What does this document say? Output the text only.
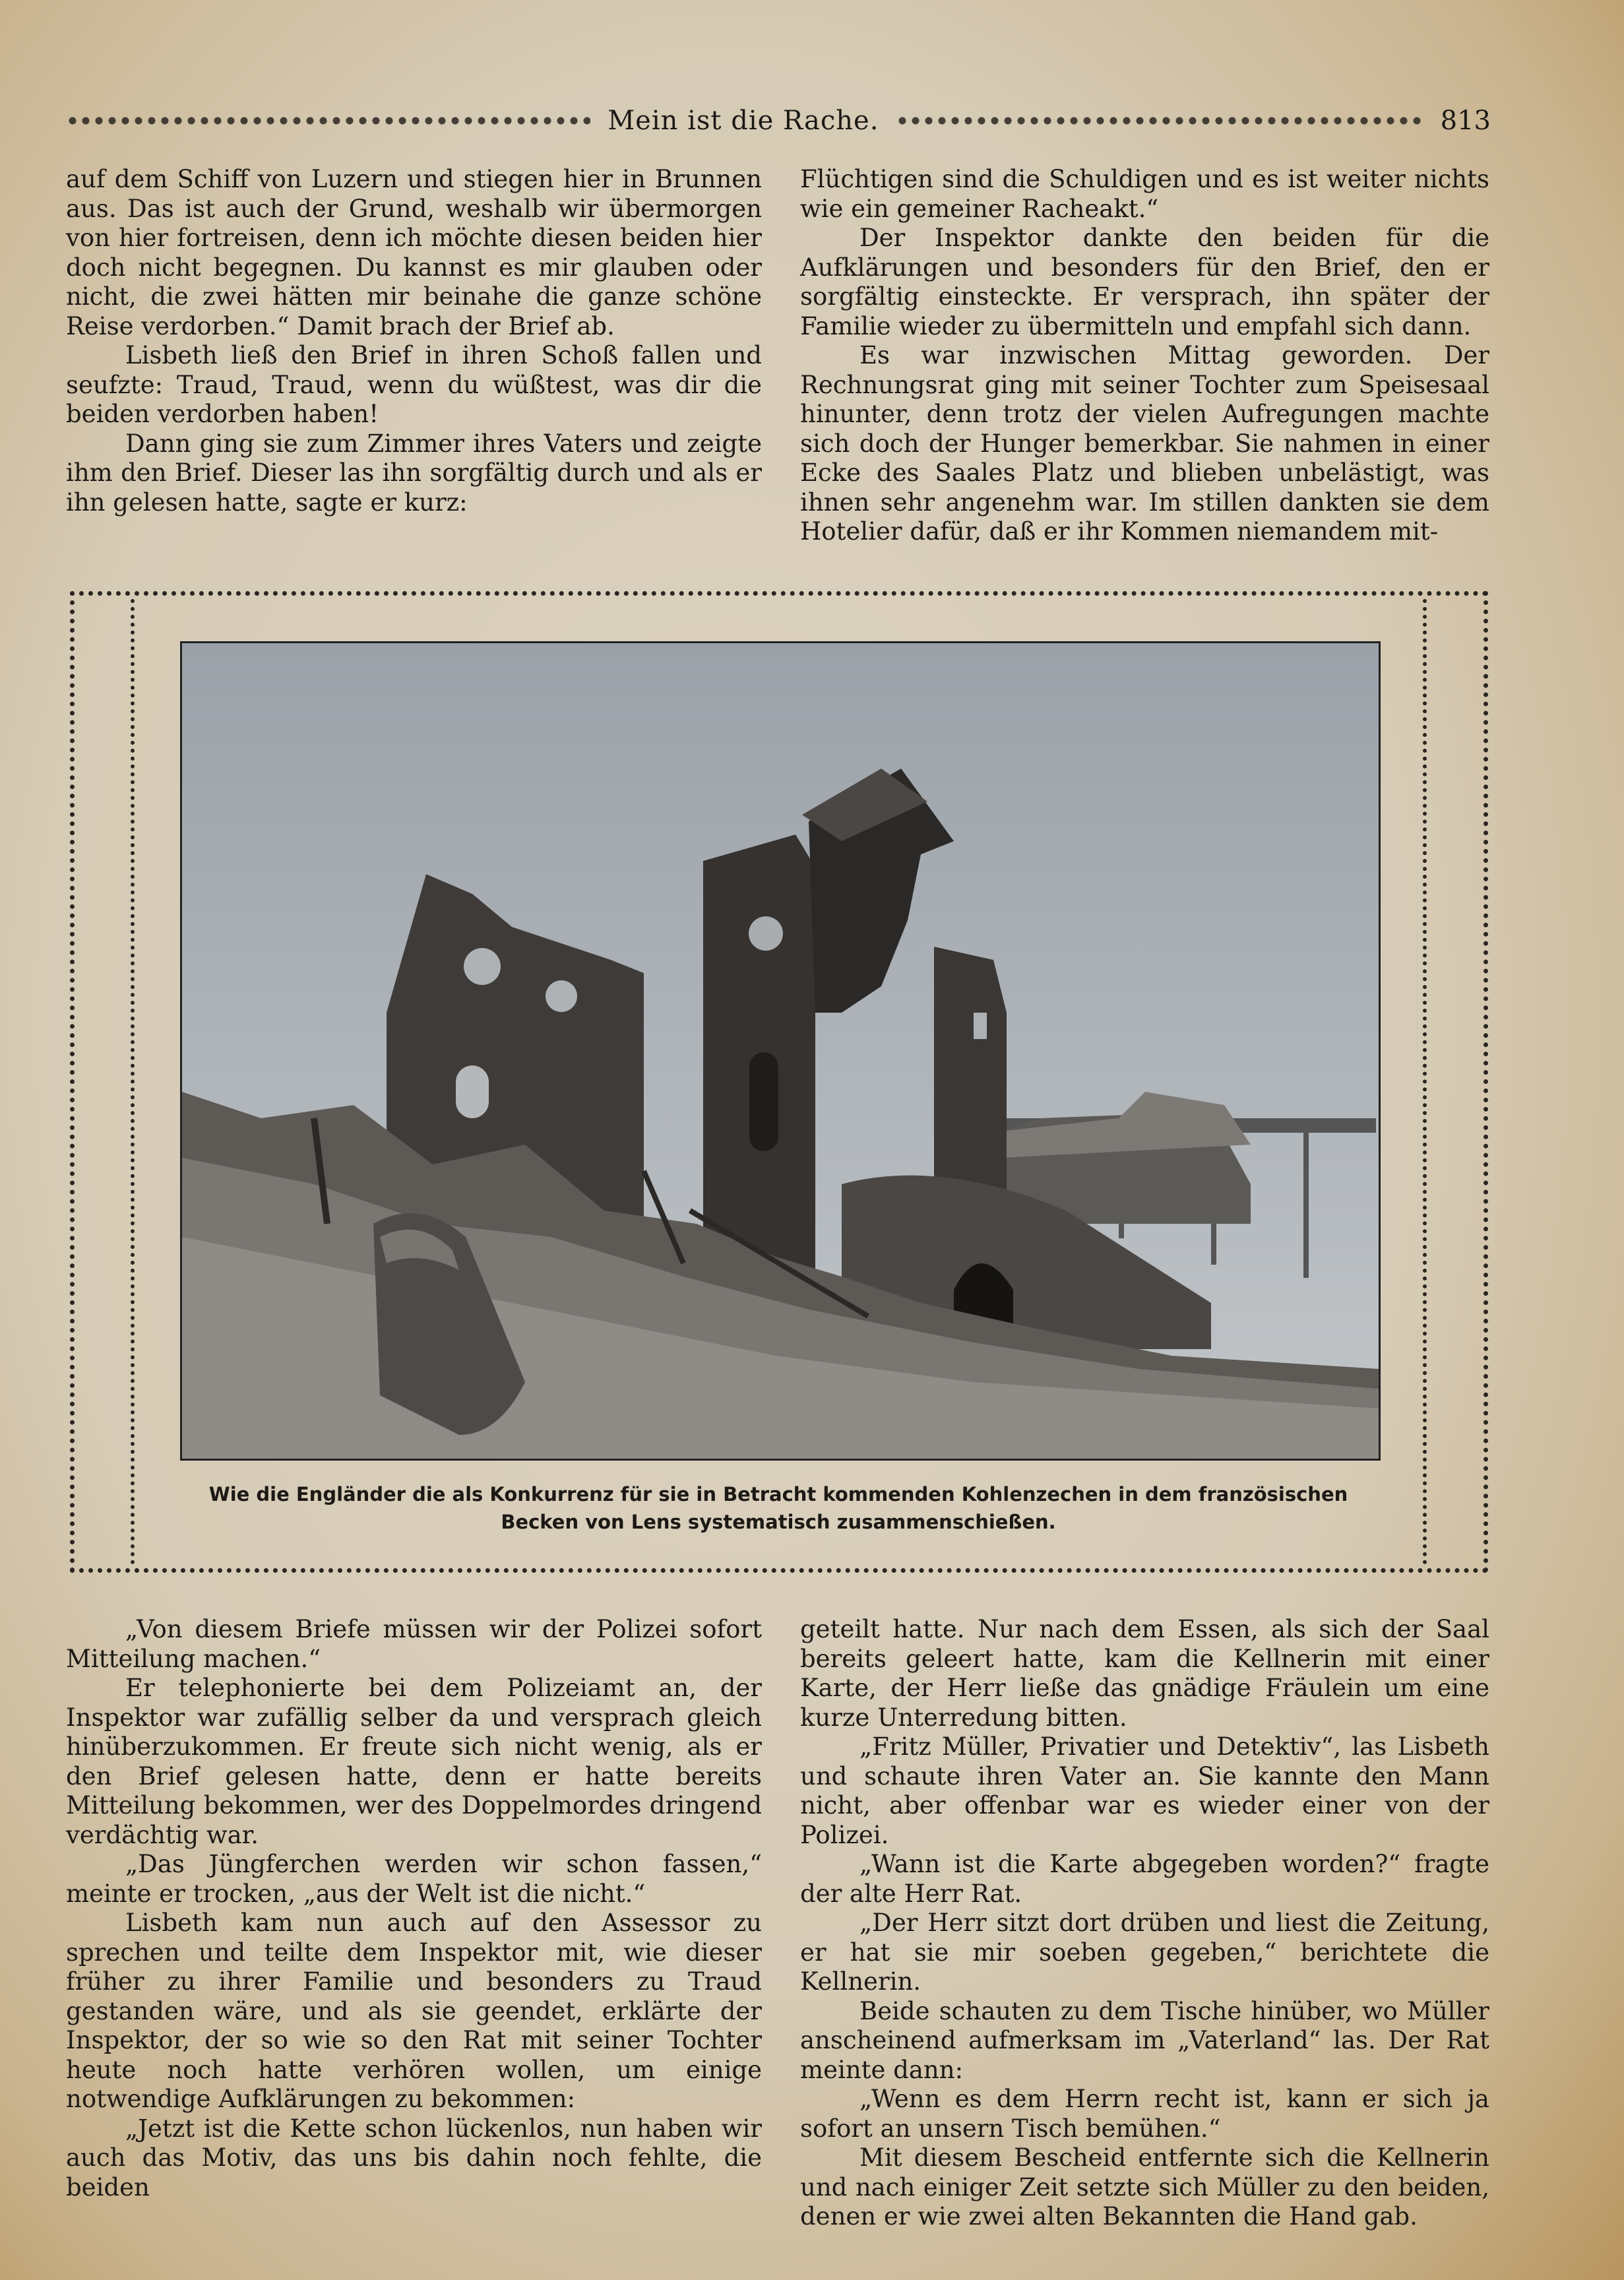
Mein ist die Rache.	813

auf dem Schiff von Luzern und stiegen hier in Brunnen aus. Das ist auch der Grund, weshalb wir übermorgen von hier fortreisen, denn ich möchte diesen beiden hier doch nicht begegnen. Du kannst es mir glauben oder nicht, die zwei hätten mir beinahe die ganze schöne Reise verdorben.“ Damit brach der Brief ab.

Lisbeth ließ den Brief in ihren Schoß fallen und seufzte: Traud, Traud, wenn du wüßtest, was dir die beiden verdorben haben!

Dann ging sie zum Zimmer ihres Vaters und zeigte ihm den Brief. Dieser las ihn sorgfältig durch und als er ihn gelesen hatte, sagte er kurz:

Flüchtigen sind die Schuldigen und es ist weiter nichts wie ein gemeiner Racheakt.“

Der Inspektor dankte den beiden für die Aufklärungen und besonders für den Brief, den er sorgfältig einsteckte. Er versprach, ihn später der Familie wieder zu übermitteln und empfahl sich dann.

Es war inzwischen Mittag geworden. Der Rechnungsrat ging mit seiner Tochter zum Speisesaal hinunter, denn trotz der vielen Aufregungen machte sich doch der Hunger bemerkbar. Sie nahmen in einer Ecke des Saales Platz und blieben unbelästigt, was ihnen sehr angenehm war. Im stillen dankten sie dem Hotelier dafür, daß er ihr Kommen niemandem mit-

Wie die Engländer die als Konkurrenz für sie in Betracht kommenden Kohlenzechen in dem französischen
Becken von Lens systematisch zusammenschießen.

„Von diesem Briefe müssen wir der Polizei sofort Mitteilung machen.“

Er telephonierte bei dem Polizeiamt an, der Inspektor war zufällig selber da und versprach gleich hinüberzukommen. Er freute sich nicht wenig, als er den Brief gelesen hatte, denn er hatte bereits Mitteilung bekommen, wer des Doppelmordes dringend verdächtig war.

„Das Jüngferchen werden wir schon fassen,“ meinte er trocken, „aus der Welt ist die nicht.“

Lisbeth kam nun auch auf den Assessor zu sprechen und teilte dem Inspektor mit, wie dieser früher zu ihrer Familie und besonders zu Traud gestanden wäre, und als sie geendet, erklärte der Inspektor, der so wie so den Rat mit seiner Tochter heute noch hatte verhören wollen, um einige notwendige Aufklärungen zu bekommen:

„Jetzt ist die Kette schon lückenlos, nun haben wir auch das Motiv, das uns bis dahin noch fehlte, die beiden

geteilt hatte. Nur nach dem Essen, als sich der Saal bereits geleert hatte, kam die Kellnerin mit einer Karte, der Herr ließe das gnädige Fräulein um eine kurze Unterredung bitten.

„Fritz Müller, Privatier und Detektiv“, las Lisbeth und schaute ihren Vater an. Sie kannte den Mann nicht, aber offenbar war es wieder einer von der Polizei.

„Wann ist die Karte abgegeben worden?“ fragte der alte Herr Rat.

„Der Herr sitzt dort drüben und liest die Zeitung, er hat sie mir soeben gegeben,“ berichtete die Kellnerin.

Beide schauten zu dem Tische hinüber, wo Müller anscheinend aufmerksam im „Vaterland“ las. Der Rat meinte dann:

„Wenn es dem Herrn recht ist, kann er sich ja sofort an unsern Tisch bemühen.“

Mit diesem Bescheid entfernte sich die Kellnerin und nach einiger Zeit setzte sich Müller zu den beiden, denen er wie zwei alten Bekannten die Hand gab.
